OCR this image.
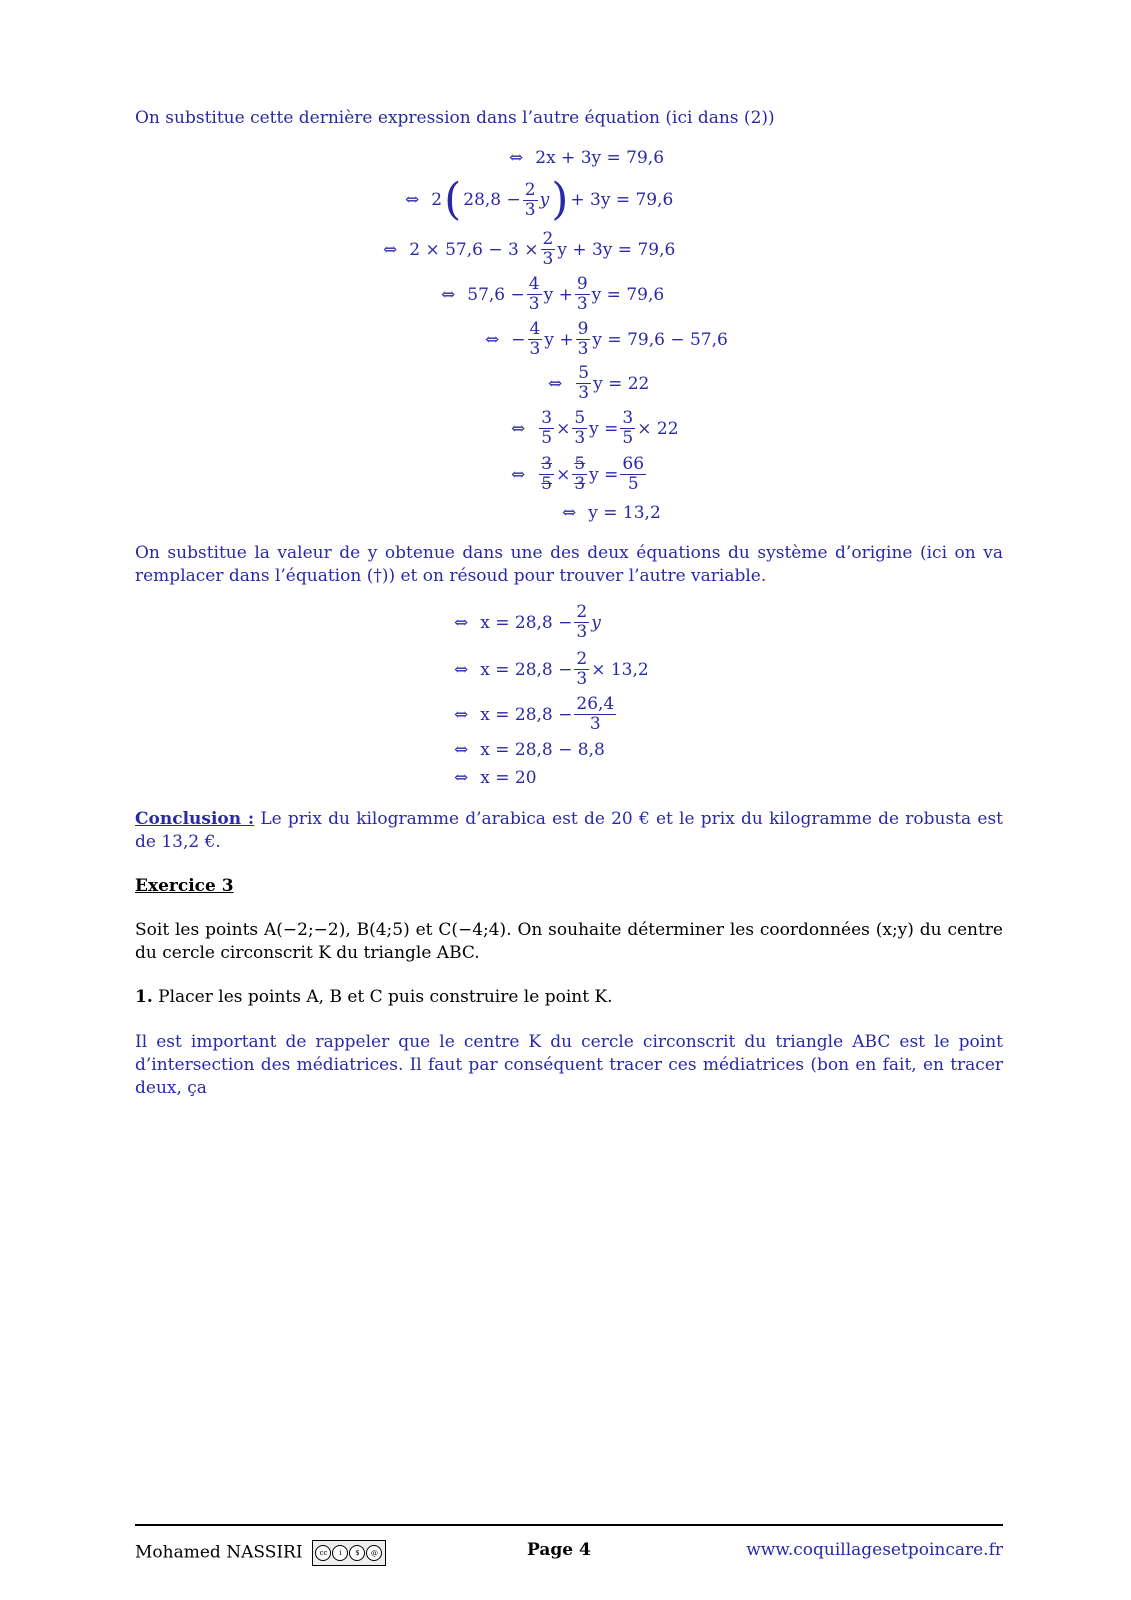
On substitue cette dernière expression dans l’autre équation (ici dans (2))
⇔ 2x + 3y = 79,6
⇔ 2 ( $28,8 - \frac{2}{3}$ y ) + 3y = 79,6
⇔ $2 \times 57,6 - 3 \times \frac{2}{3}$ y + 3y = 79,6
⇔ $57,6 - \frac{4}{3}$ $y + \frac{9}{3}$ y = 79,6
⇔ − $\frac{4}{3}$ $y + \frac{9}{3}$ y = 79,6 − 57,6
⇔ $\frac{5}{3}$ y = 22
⇔ $\frac{3}{5} \times \frac{5}{3}$ $y = \frac{3}{5} \times 22$
⇔ $\frac{3}{5} \times \frac{5}{3}$ $y = \frac{66}{5}$
⇔ y = 13,2
On substitue la valeur de y obtenue dans une des deux équations du système d’origine (ici on va remplacer dans l’équation (†)) et on résoud pour trouver l’autre variable.
⇔ $x = 28,8 - \frac{2}{3}$ y
⇔ $x = 28,8 - \frac{2}{3} \times 13,2$
⇔ $x = 28,8 - \frac{26,4}{3}$
⇔ x = 28,8 − 8,8
⇔ x = 20
Conclusion : Le prix du kilogramme d’arabica est de 20 € et le prix du kilogramme de robusta est de 13,2 €.
Exercice 3
Soit les points A(−2;−2), B(4;5) et C(−4;4). On souhaite déterminer les coordonnées (x;y) du centre du cercle circonscrit K du triangle ABC.
1. Placer les points A, B et C puis construire le point K.
Il est important de rappeler que le centre K du cercle circonscrit du triangle ABC est le point d’intersection des médiatrices. Il faut par conséquent tracer ces médiatrices (bon en fait, en tracer deux, ça
Mohamed NASSIRI	cc	i	$	@	Page 4	www.coquillagesetpoincare.fr
